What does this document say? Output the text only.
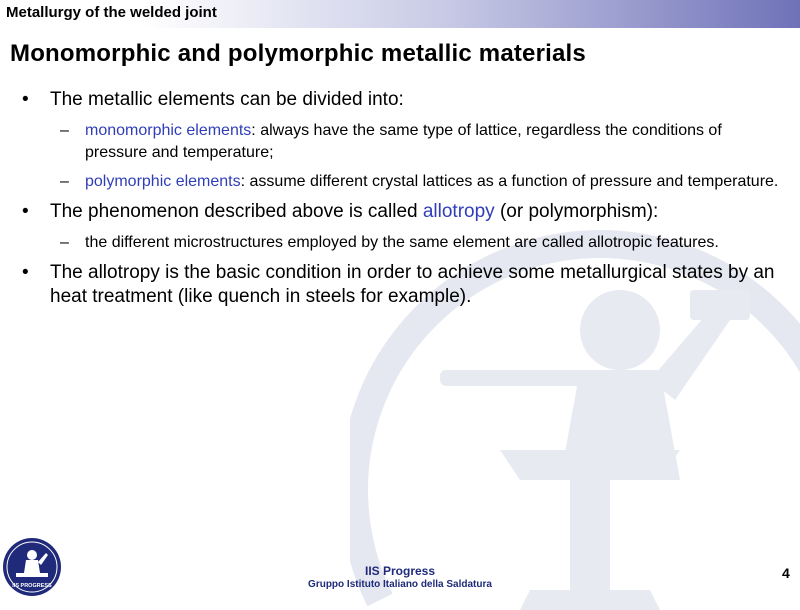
Metallurgy of the welded joint
Monomorphic and polymorphic metallic materials
• The metallic elements can be divided into:
– monomorphic elements: always have the same type of lattice, regardless the conditions of pressure and temperature;
– polymorphic elements: assume different crystal lattices as a function of pressure and temperature.
• The phenomenon described above is called allotropy (or polymorphism):
– the different microstructures employed by the same element are called allotropic features.
• The allotropy is the basic condition in order to achieve some metallurgical states by an heat treatment (like quench in steels for example).
IIS PROGRESS
IIS Progress
Gruppo Istituto Italiano della Saldatura
4
